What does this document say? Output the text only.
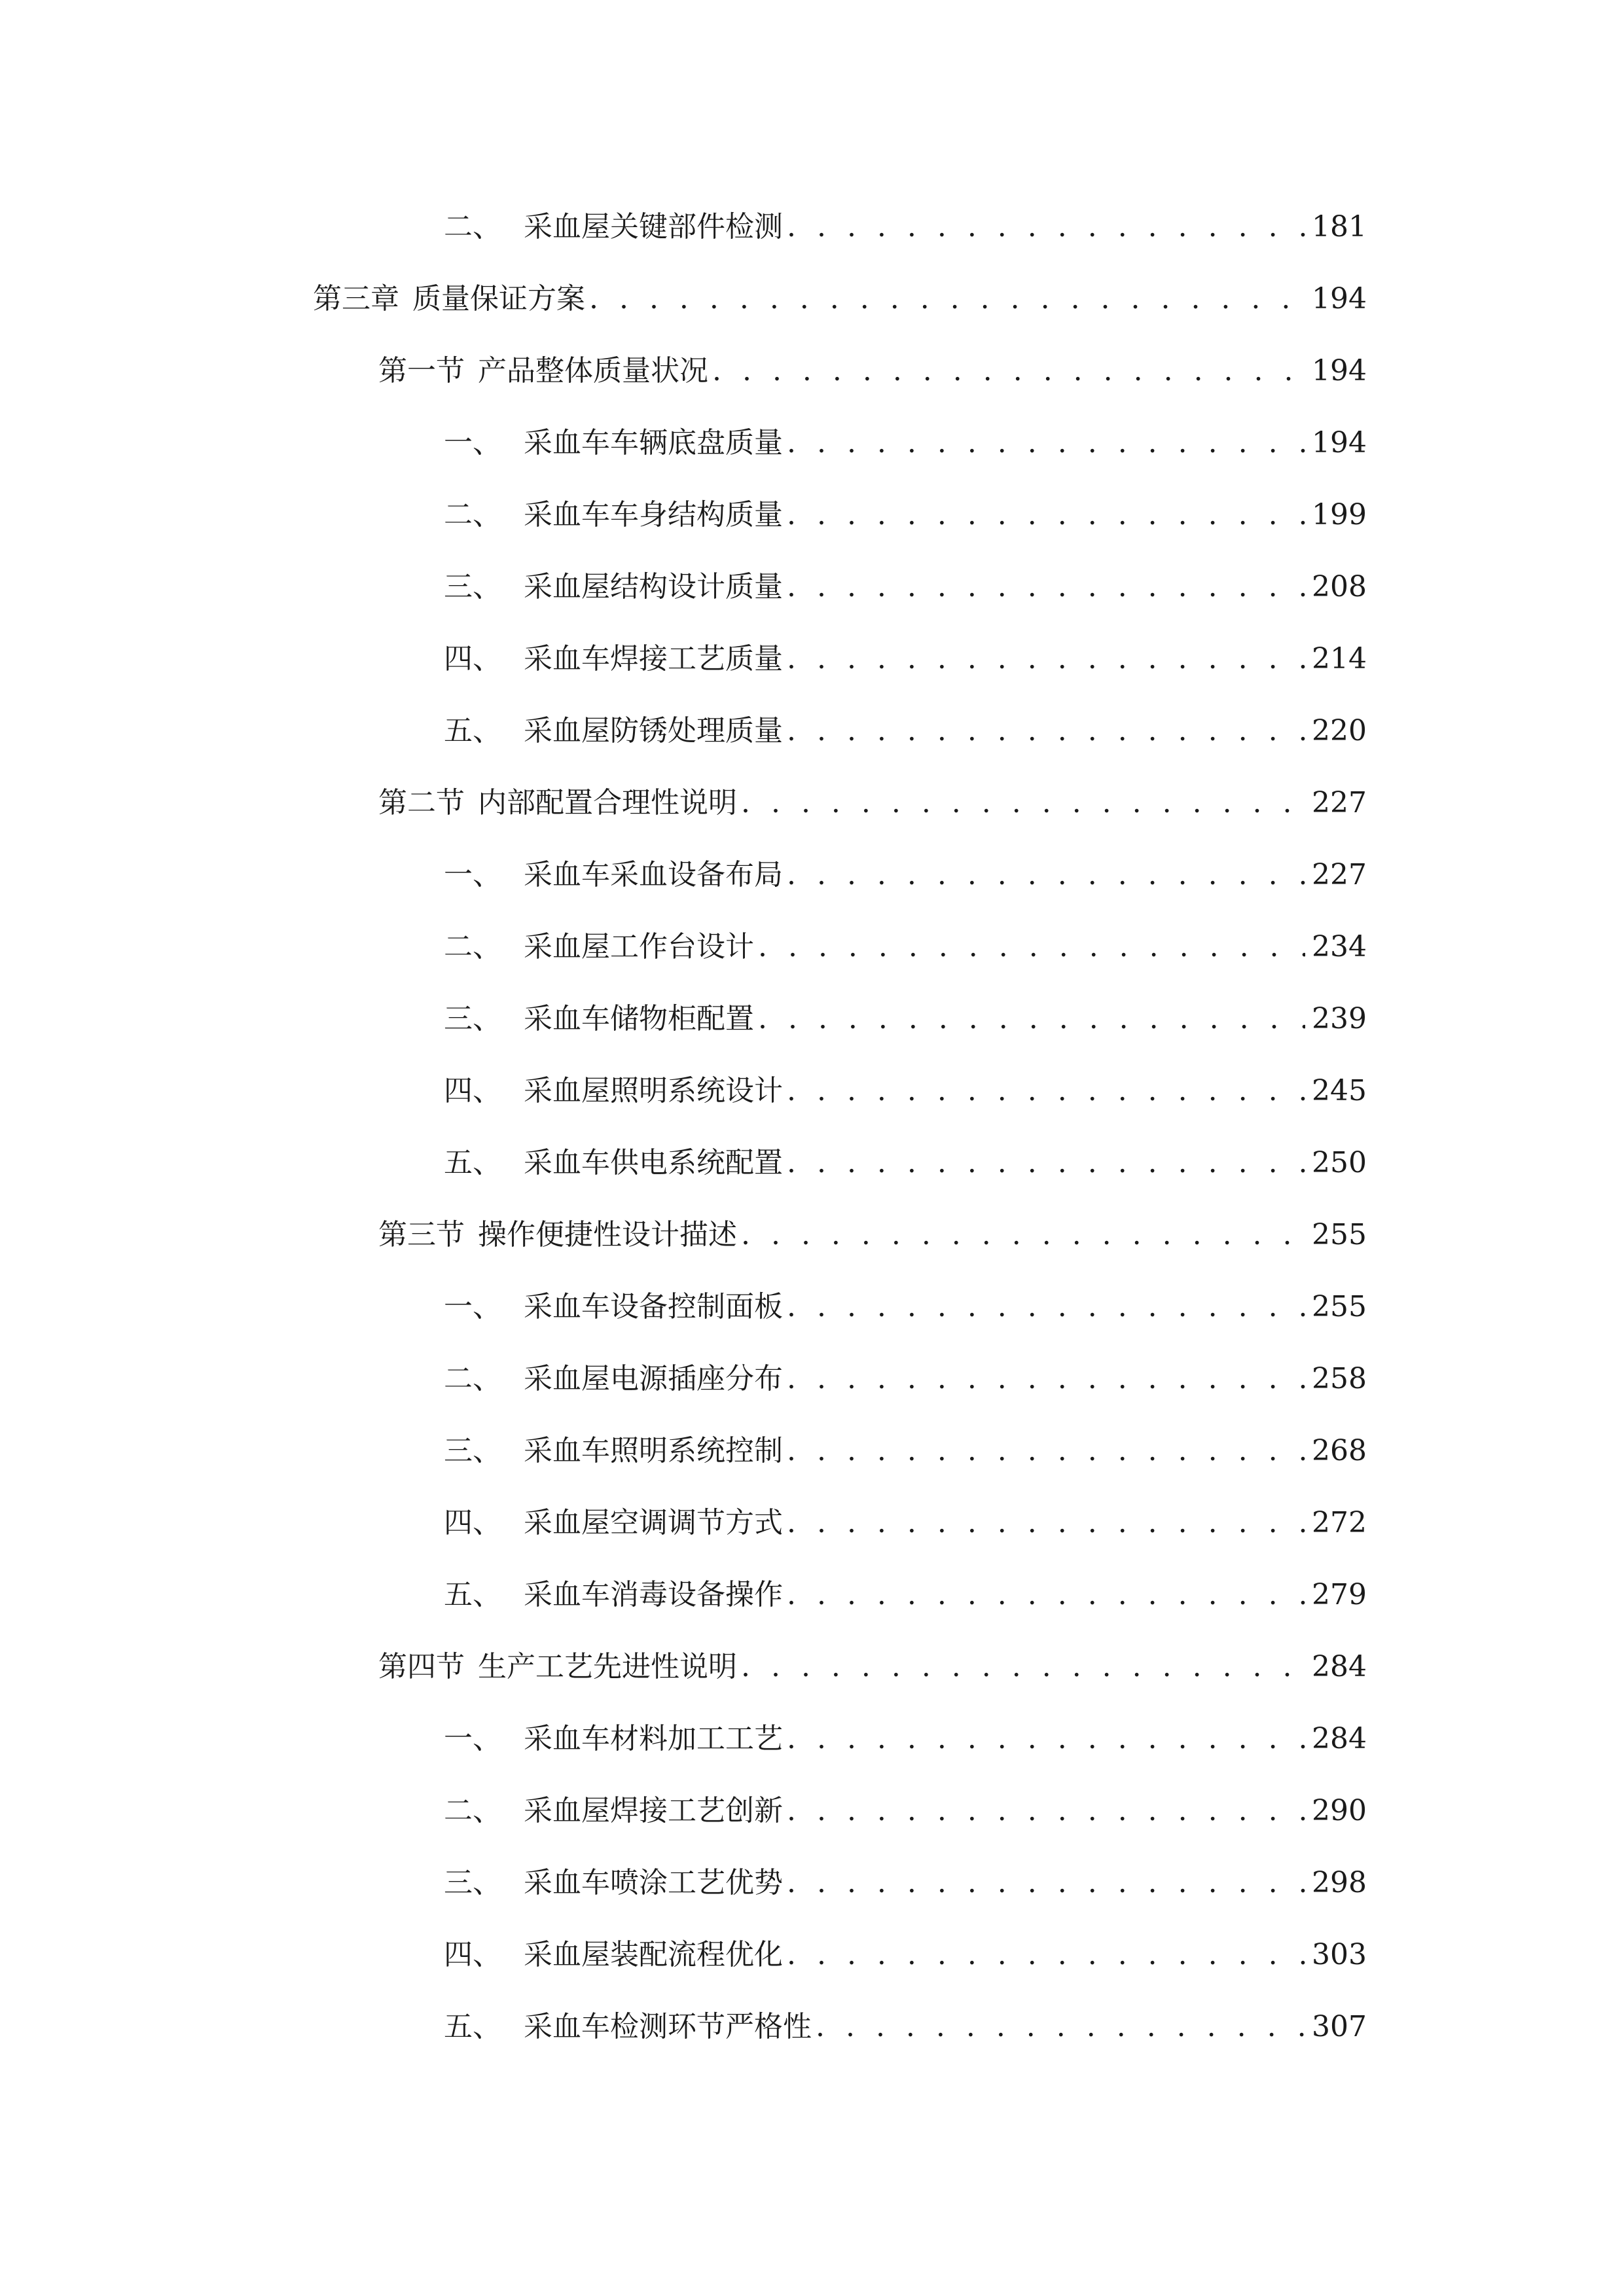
二、 采血屋关键部件检测 . . .	181
第三章 质量保证方案 . . .	194
第一节 产品整体质量状况 . . .	194
一、 采血车车辆底盘质量 . . .	194
二、 采血车车身结构质量 . . .	199
三、 采血屋结构设计质量 . . .	208
四、 采血车焊接工艺质量 . . .	214
五、 采血屋防锈处理质量 . . .	220
第二节 内部配置合理性说明 . . .	227
一、 采血车采血设备布局 . . .	227
二、 采血屋工作台设计 . . .	234
三、 采血车储物柜配置 . . .	239
四、 采血屋照明系统设计 . . .	245
五、 采血车供电系统配置 . . .	250
第三节 操作便捷性设计描述 . . .	255
一、 采血车设备控制面板 . . .	255
二、 采血屋电源插座分布 . . .	258
三、 采血车照明系统控制 . . .	268
四、 采血屋空调调节方式 . . .	272
五、 采血车消毒设备操作 . . .	279
第四节 生产工艺先进性说明 . . .	284
一、 采血车材料加工工艺 . . .	284
二、 采血屋焊接工艺创新 . . .	290
三、 采血车喷涂工艺优势 . . .	298
四、 采血屋装配流程优化 . . .	303
五、 采血车检测环节严格性 . . .	307
